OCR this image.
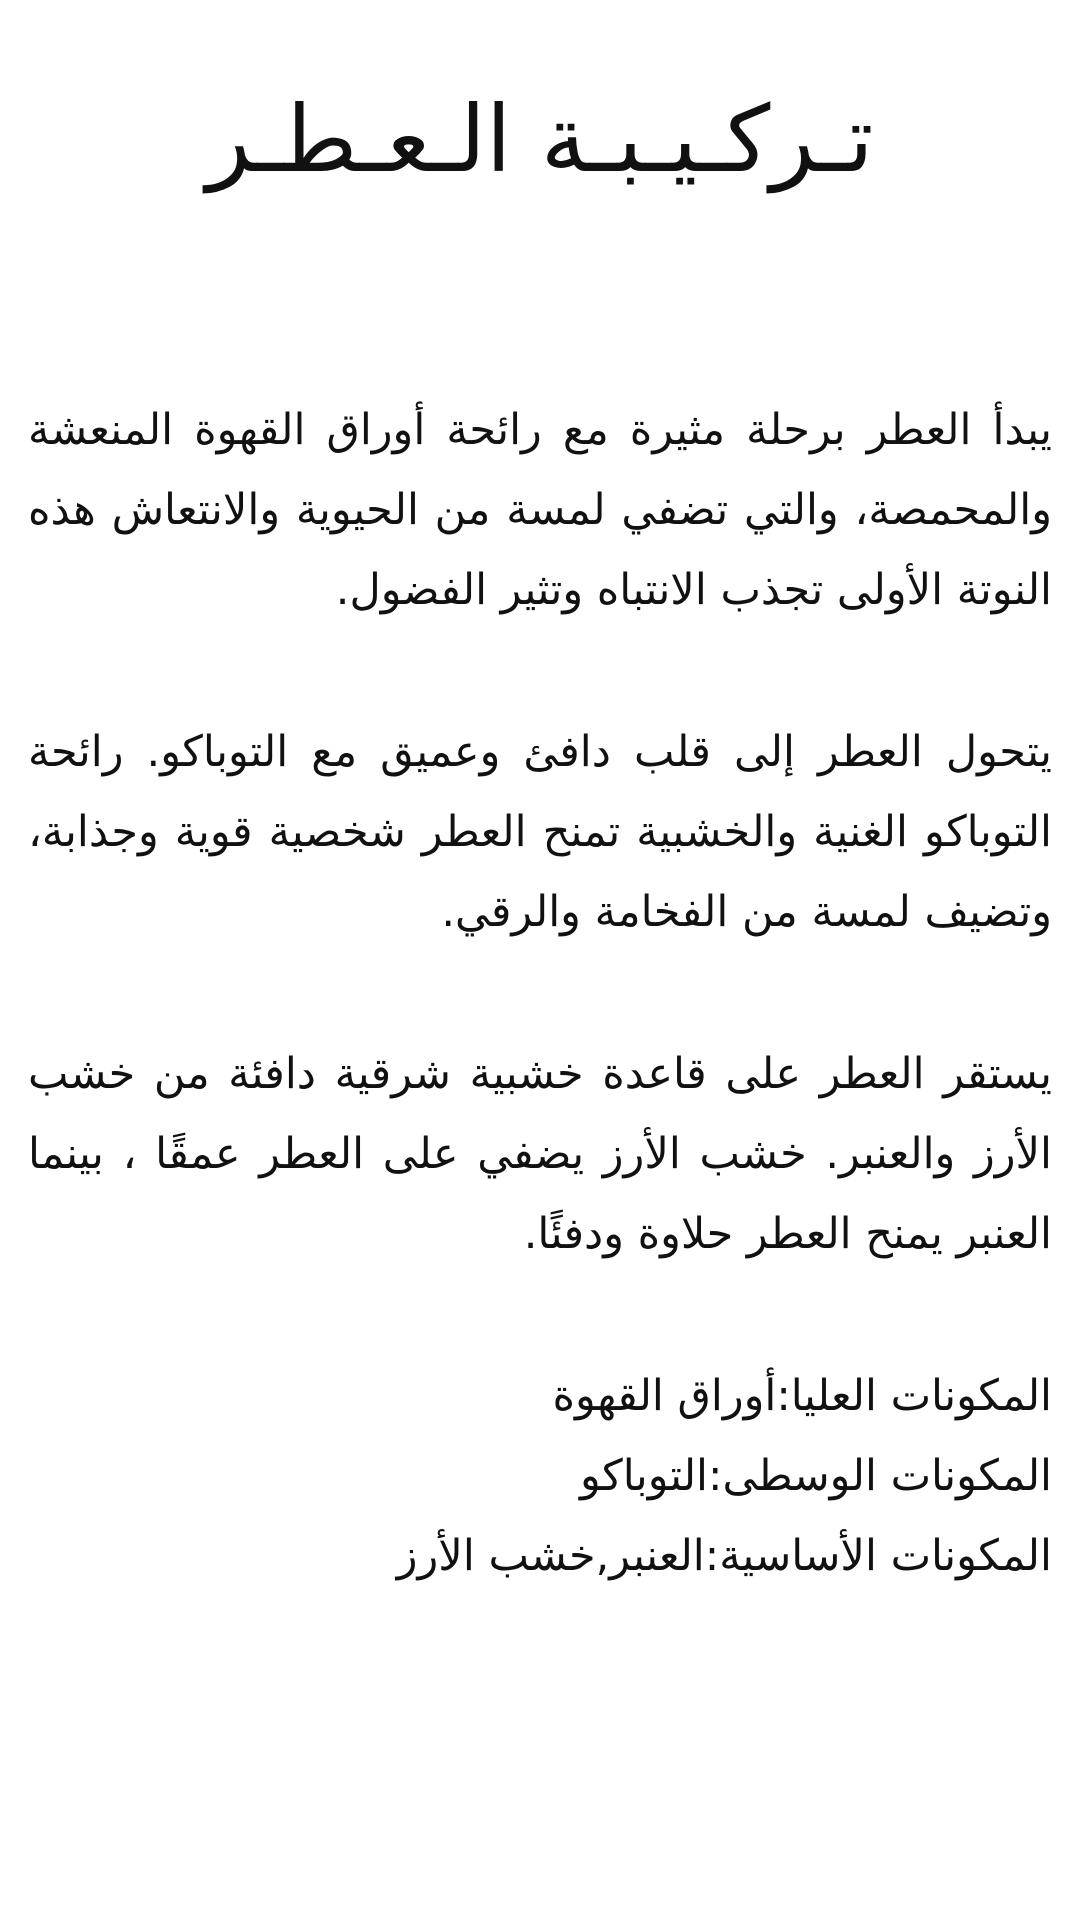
تـركـيـبـة الـعـطـر

يبدأ العطر برحلة مثيرة مع رائحة أوراق القهوة المنعشة والمحمصة، والتي تضفي لمسة من الحيوية والانتعاش هذه النوتة الأولى تجذب الانتباه وتثير الفضول.

يتحول العطر إلى قلب دافئ وعميق مع التوباكو. رائحة التوباكو الغنية والخشبية تمنح العطر شخصية قوية وجذابة، وتضيف لمسة من الفخامة والرقي.

يستقر العطر على قاعدة خشبية شرقية دافئة من خشب الأرز والعنبر. خشب الأرز يضفي على العطر عمقًا ، بينما العنبر يمنح العطر حلاوة ودفئًا.

المكونات العليا:أوراق القهوة
المكونات الوسطى:التوباكو
المكونات الأساسية:العنبر,خشب الأرز
